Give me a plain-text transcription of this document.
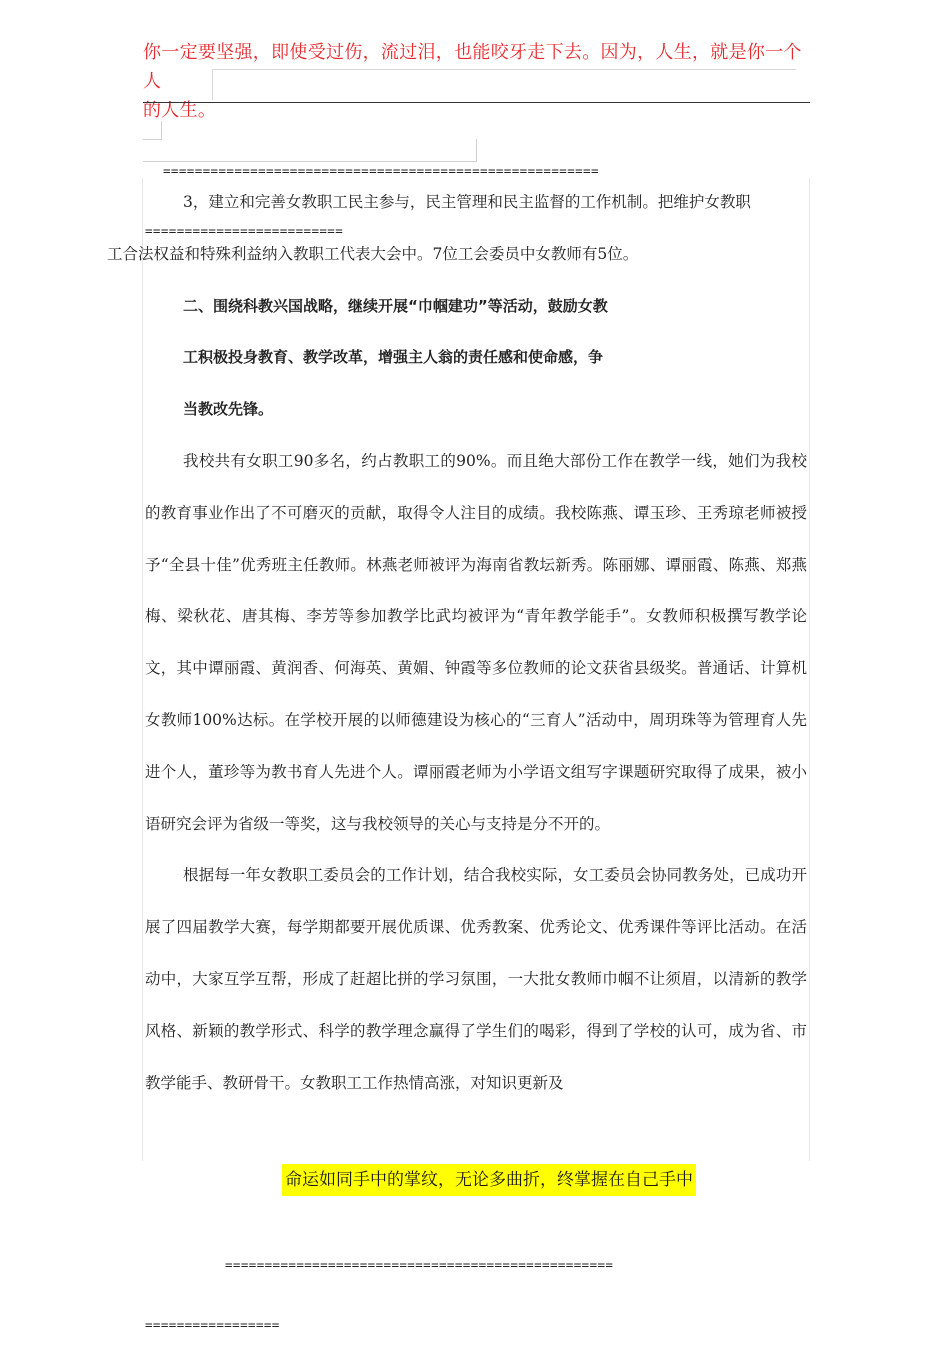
你一定要坚强，即使受过伤，流过泪，也能咬牙走下去。因为，人生，就是你一个人
的人生。

=======================================================

=========================

3，建立和完善女教职工民主参与，民主管理和民主监督的工作机制。把维护女教职
工合法权益和特殊利益纳入教职工代表大会中。7位工会委员中女教师有5位。

二、围绕科教兴国战略，继续开展“巾帼建功”等活动，鼓励女教
工积极投身教育、教学改革，增强主人翁的责任感和使命感，争
当教改先锋。

我校共有女职工90多名，约占教职工的90%。而且绝大部份工作在教学一线，她们为我校的教育事业作出了不可磨灭的贡献，取得令人注目的成绩。我校陈燕、谭玉珍、王秀琼老师被授予“全县十佳”优秀班主任教师。林燕老师被评为海南省教坛新秀。陈丽娜、谭丽霞、陈燕、郑燕梅、梁秋花、唐其梅、李芳等参加教学比武均被评为“青年教学能手”。女教师积极撰写教学论文，其中谭丽霞、黄润香、何海英、黄媚、钟霞等多位教师的论文获省县级奖。普通话、计算机女教师100%达标。在学校开展的以师德建设为核心的“三育人”活动中，周玥珠等为管理育人先进个人，董珍等为教书育人先进个人。谭丽霞老师为小学语文组写字课题研究取得了成果，被小语研究会评为省级一等奖，这与我校领导的关心与支持是分不开的。

根据每一年女教职工委员会的工作计划，结合我校实际，女工委员会协同教务处，已成功开展了四届教学大赛，每学期都要开展优质课、优秀教案、优秀论文、优秀课件等评比活动。在活动中，大家互学互帮，形成了赶超比拼的学习氛围，一大批女教师巾帼不让须眉，以清新的教学风格、新颖的教学形式、科学的教学理念赢得了学生们的喝彩，得到了学校的认可，成为省、市教学能手、教研骨干。女教职工工作热情高涨，对知识更新及

命运如同手中的掌纹，无论多曲折，终掌握在自己手中

=================================================

=================
